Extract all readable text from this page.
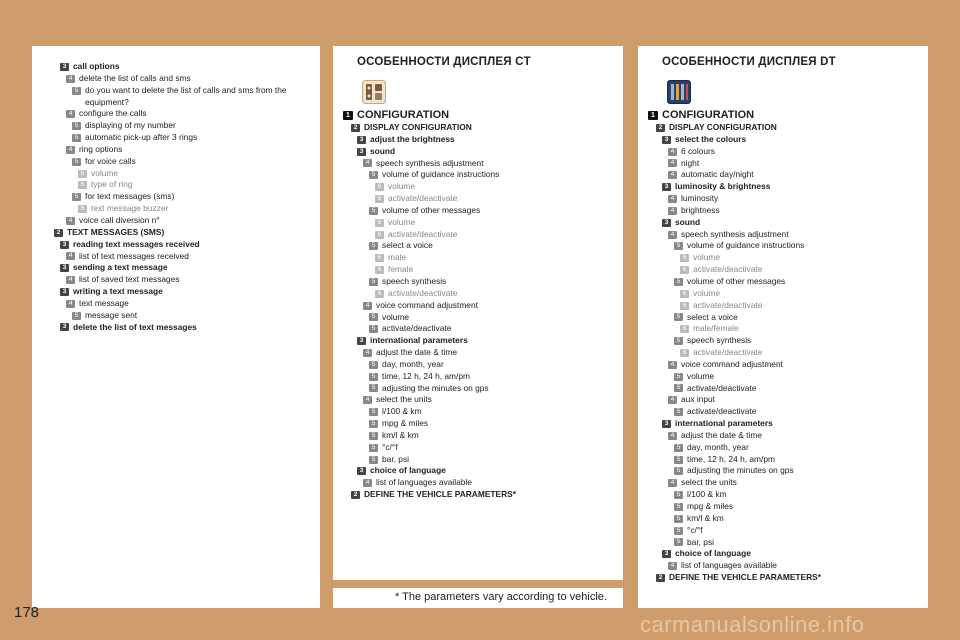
3 call options
4 delete the list of calls and sms
5 do you want to delete the list of calls and sms from the
equipment?
4 configure the calls
5 displaying of my number
5 automatic pick-up after 3 rings
4 ring options
5 for voice calls
6 volume
6 type of ring
5 for text messages (sms)
6 text message buzzer
4 voice call diversion n°
2 TEXT MESSAGES (SMS)
3 reading text messages received
4 list of text messages received
3 sending a text message
4 list of saved text messages
3 writing a text message
4 text message
5 message sent
3 delete the list of text messages
ОСОБЕННОСТИ ДИСПЛЕЯ CT
1 CONFIGURATION
2 DISPLAY CONFIGURATION
3 adjust the brightness
3 sound
4 speech synthesis adjustment
5 volume of guidance instructions
6 volume
6 activate/deactivate
5 volume of other messages
6 volume
6 activate/deactivate
5 select a voice
6 male
6 female
5 speech synthesis
6 activate/deactivate
4 voice command adjustment
5 volume
5 activate/deactivate
3 international parameters
4 adjust the date & time
5 day, month, year
5 time, 12 h, 24 h, am/pm
5 adjusting the minutes on gps
4 select the units
5 l/100 & km
5 mpg & miles
5 km/l & km
5 °c/°f
5 bar, psi
3 choice of language
4 list of languages available
2 DEFINE THE VEHICLE PARAMETERS*
ОСОБЕННОСТИ ДИСПЛЕЯ DT
1 CONFIGURATION
2 DISPLAY CONFIGURATION
3 select the colours
4 6 colours
4 night
4 automatic day/night
3 luminosity & brightness
4 luminosity
4 brightness
3 sound
4 speech synthesis adjustment
5 volume of guidance instructions
6 volume
6 activate/deactivate
5 volume of other messages
6 volume
6 activate/deactivate
5 select a voice
6 male/female
5 speech synthesis
6 activate/deactivate
4 voice command adjustment
5 volume
5 activate/deactivate
4 aux input
5 activate/deactivate
3 international parameters
4 adjust the date & time
5 day, month, year
5 time, 12 h, 24 h, am/pm
5 adjusting the minutes on gps
4 select the units
5 l/100 & km
5 mpg & miles
5 km/l & km
5 °c/°f
5 bar, psi
3 choice of language
4 list of languages available
2 DEFINE THE VEHICLE PARAMETERS*
* The parameters vary according to vehicle.
178	carmanualsonline.info
